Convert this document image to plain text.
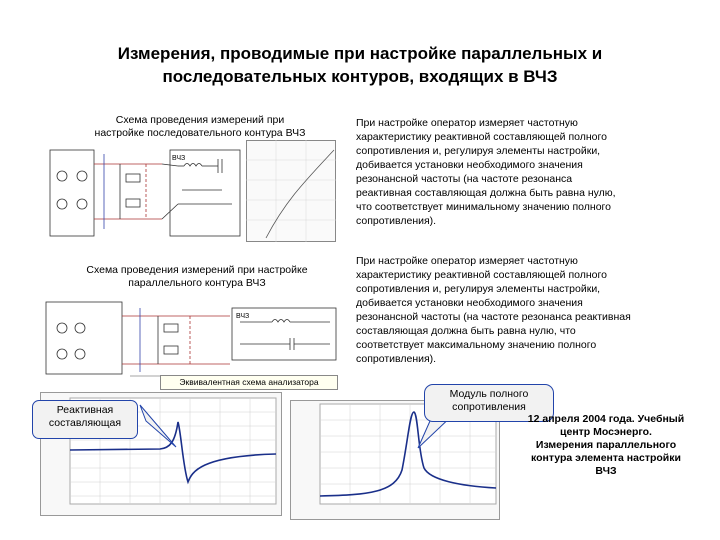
Измерения, проводимые при настройке параллельных и
последовательных контуров, входящих в ВЧЗ
Схема проведения измерений при
настройке последовательного контура ВЧЗ
ВЧЗ
При настройке оператор измеряет частотную
характеристику реактивной составляющей полного
сопротивления и, регулируя элементы настройки,
добивается установки необходимого значения
резонансной частоты (на частоте резонанса
реактивная составляющая должна быть равна нулю,
что соответствует минимальному значению полного
сопротивления).
Схема проведения измерений при настройке
параллельного контура ВЧЗ
ВЧЗ
При настройке оператор измеряет частотную
характеристику реактивной составляющей полного
сопротивления и, регулируя элементы настройки,
добивается установки необходимого значения
резонансной частоты (на частоте резонанса реактивная
составляющая должна быть равна нулю, что
соответствует максимальному значению полного
сопротивления).
Эквивалентная схема анализатора
Реактивная
составляющая
Модуль полного
сопротивления
12 апреля 2004 года. Учебный
центр Мосэнерго.
Измерения параллельного
контура элемента настройки
ВЧЗ
